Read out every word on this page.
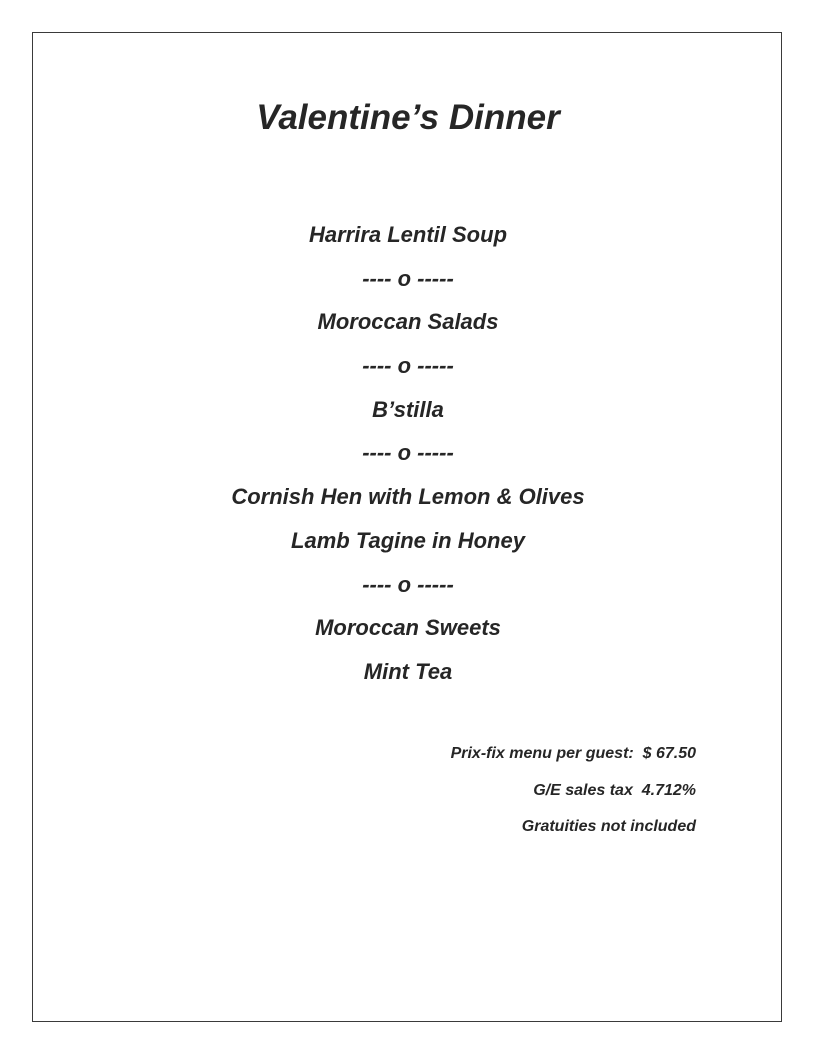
Valentine’s Dinner
Harrira Lentil Soup
---- o -----
Moroccan Salads
---- o -----
B’stilla
---- o -----
Cornish Hen with Lemon & Olives
Lamb Tagine in Honey
---- o -----
Moroccan Sweets
Mint Tea
Prix-fix menu per guest:  $ 67.50
G/E sales tax  4.712%
Gratuities not included
